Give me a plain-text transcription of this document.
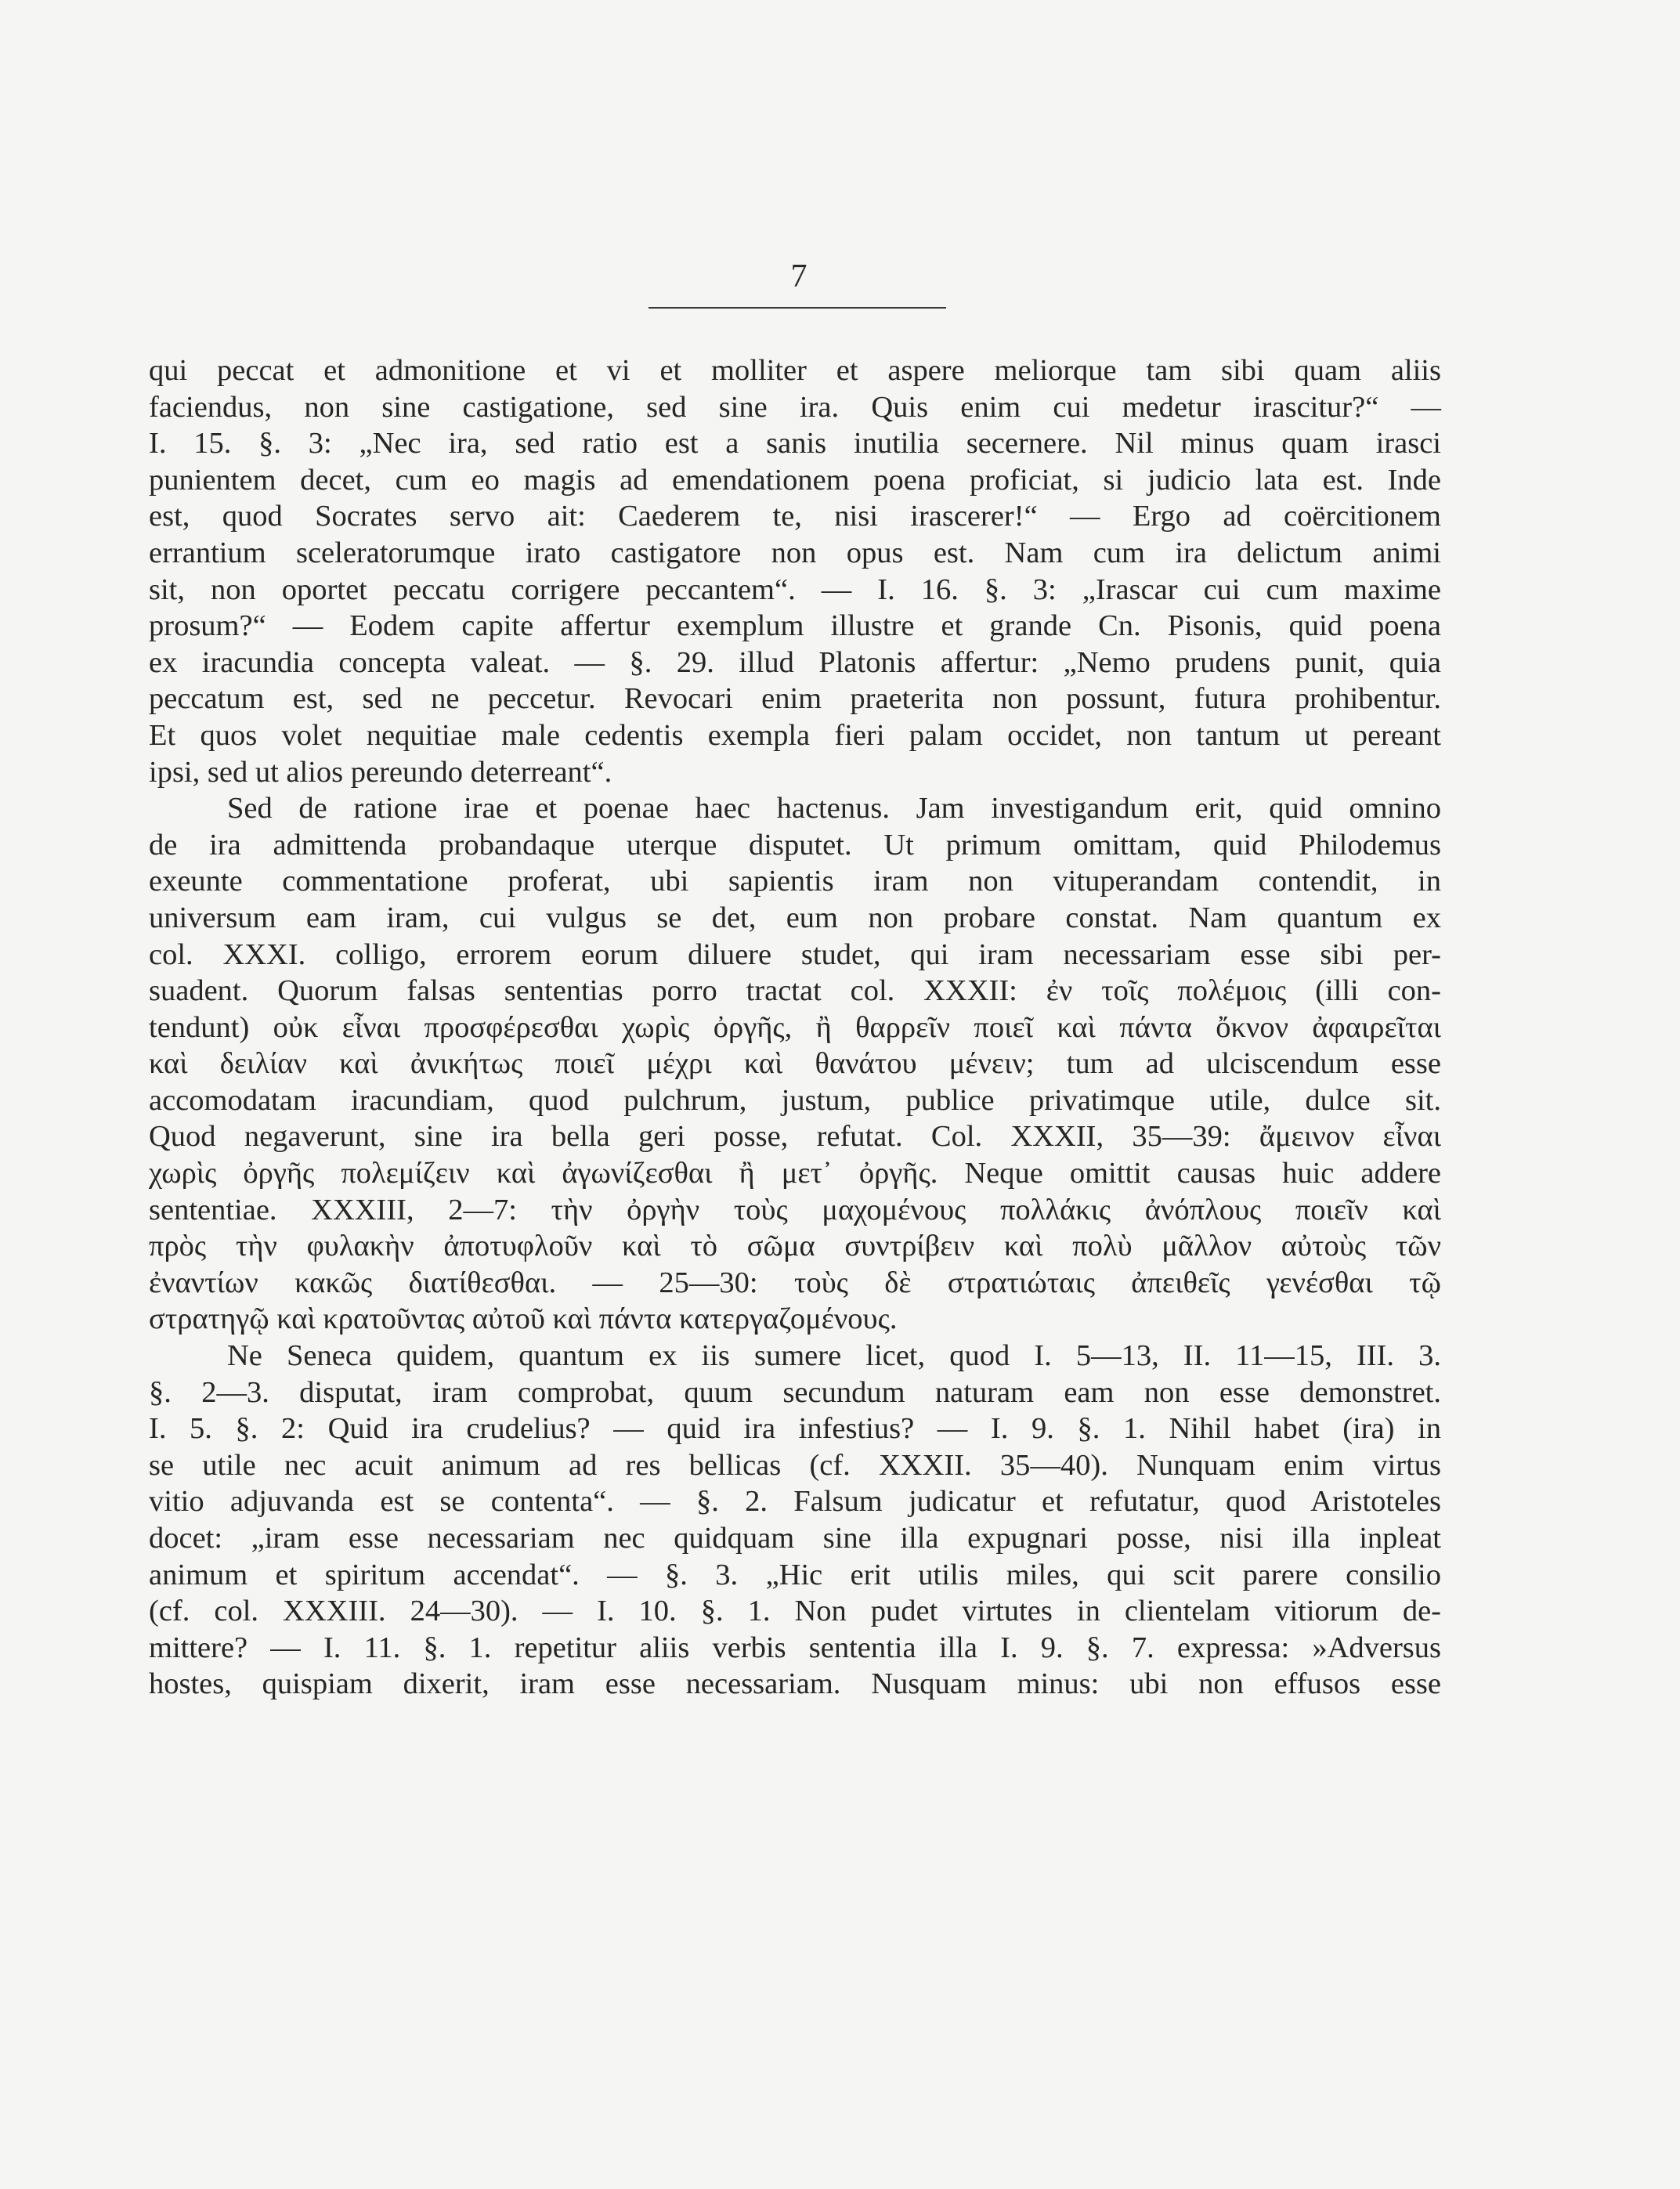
7
qui peccat et admonitione et vi et molliter et aspere meliorque tam sibi quam aliis
faciendus, non sine castigatione, sed sine ira. Quis enim cui medetur irascitur?“ —
I. 15. §. 3: „Nec ira, sed ratio est a sanis inutilia secernere. Nil minus quam irasci
punientem decet, cum eo magis ad emendationem poena proficiat, si judicio lata est. Inde
est, quod Socrates servo ait: Caederem te, nisi irascerer!“ — Ergo ad coërcitionem
errantium sceleratorumque irato castigatore non opus est. Nam cum ira delictum animi
sit, non oportet peccatu corrigere peccantem“. — I. 16. §. 3: „Irascar cui cum maxime
prosum?“ — Eodem capite affertur exemplum illustre et grande Cn. Pisonis, quid poena
ex iracundia concepta valeat. — §. 29. illud Platonis affertur: „Nemo prudens punit, quia
peccatum est, sed ne peccetur. Revocari enim praeterita non possunt, futura prohibentur.
Et quos volet nequitiae male cedentis exempla fieri palam occidet, non tantum ut pereant
ipsi, sed ut alios pereundo deterreant“.
Sed de ratione irae et poenae haec hactenus. Jam investigandum erit, quid omnino
de ira admittenda probandaque uterque disputet. Ut primum omittam, quid Philodemus
exeunte commentatione proferat, ubi sapientis iram non vituperandam contendit, in
universum eam iram, cui vulgus se det, eum non probare constat. Nam quantum ex
col. XXXI. colligo, errorem eorum diluere studet, qui iram necessariam esse sibi per-
suadent. Quorum falsas sententias porro tractat col. XXXII: ἐν τοῖς πολέμοις (illi con-
tendunt) οὐκ εἶναι προσφέρεσθαι χωρὶς ὀργῆς, ἢ θαρρεῖν ποιεῖ καὶ πάντα ὄκνον ἀφαιρεῖται
καὶ δειλίαν καὶ ἀνικήτως ποιεῖ μέχρι καὶ θανάτου μένειν; tum ad ulciscendum esse
accomodatam iracundiam, quod pulchrum, justum, publice privatimque utile, dulce sit.
Quod negaverunt, sine ira bella geri posse, refutat. Col. XXXII, 35—39: ἄμεινον εἶναι
χωρὶς ὀργῆς πολεμίζειν καὶ ἀγωνίζεσθαι ἢ μετ᾽ ὀργῆς. Neque omittit causas huic addere
sententiae. XXXIII, 2—7: τὴν ὀργὴν τοὺς μαχομένους πολλάκις ἀνόπλους ποιεῖν καὶ
πρὸς τὴν φυλακὴν ἀποτυφλοῦν καὶ τὸ σῶμα συντρίβειν καὶ πολὺ μᾶλλον αὐτοὺς τῶν
ἐναντίων κακῶς διατίθεσθαι. — 25—30: τοὺς δὲ στρατιώταις ἀπειθεῖς γενέσθαι τῷ
στρατηγῷ καὶ κρατοῦντας αὐτοῦ καὶ πάντα κατεργαζομένους.
Ne Seneca quidem, quantum ex iis sumere licet, quod I. 5—13, II. 11—15, III. 3.
§. 2—3. disputat, iram comprobat, quum secundum naturam eam non esse demonstret.
I. 5. §. 2: Quid ira crudelius? — quid ira infestius? — I. 9. §. 1. Nihil habet (ira) in
se utile nec acuit animum ad res bellicas (cf. XXXII. 35—40). Nunquam enim virtus
vitio adjuvanda est se contenta“. — §. 2. Falsum judicatur et refutatur, quod Aristoteles
docet: „iram esse necessariam nec quidquam sine illa expugnari posse, nisi illa inpleat
animum et spiritum accendat“. — §. 3. „Hic erit utilis miles, qui scit parere consilio
(cf. col. XXXIII. 24—30). — I. 10. §. 1. Non pudet virtutes in clientelam vitiorum de-
mittere? — I. 11. §. 1. repetitur aliis verbis sententia illa I. 9. §. 7. expressa: »Adversus
hostes, quispiam dixerit, iram esse necessariam. Nusquam minus: ubi non effusos esse
